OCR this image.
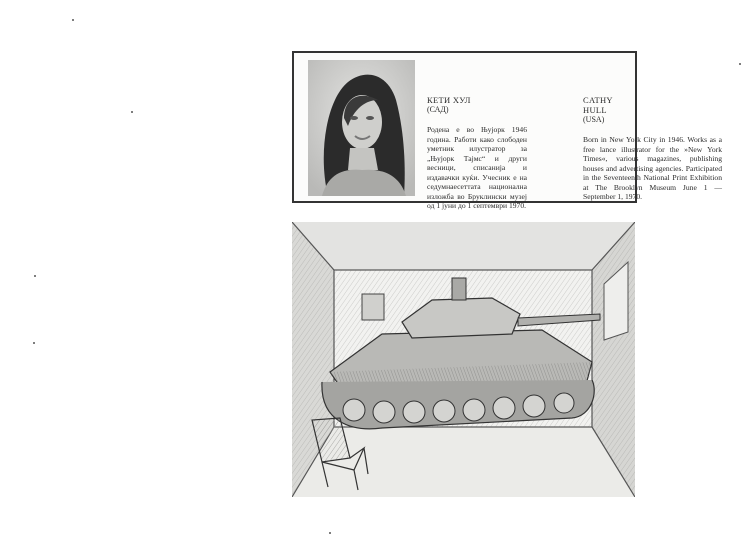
КЕТИ ХУЛ
(САД)
Родена е во Њујорк 1946 година. Работи како слободен уметник илустратор за „Њујорк Тајмс“ и други весници, списанија и издавачки куќи. Учесник е на седумнаесеттата национална изложба во Бруклински музеј од 1 јуни до 1 септември 1970.
CATHY HULL
(USA)
Born in New York City in 1946. Works as a free lance illustrator for the »New York Times«, various magazines, publishing houses and advertising agencies. Participated in the Seventeenth National Print Exhibition at The Brooklyn Museum June 1 — September 1, 1970.
